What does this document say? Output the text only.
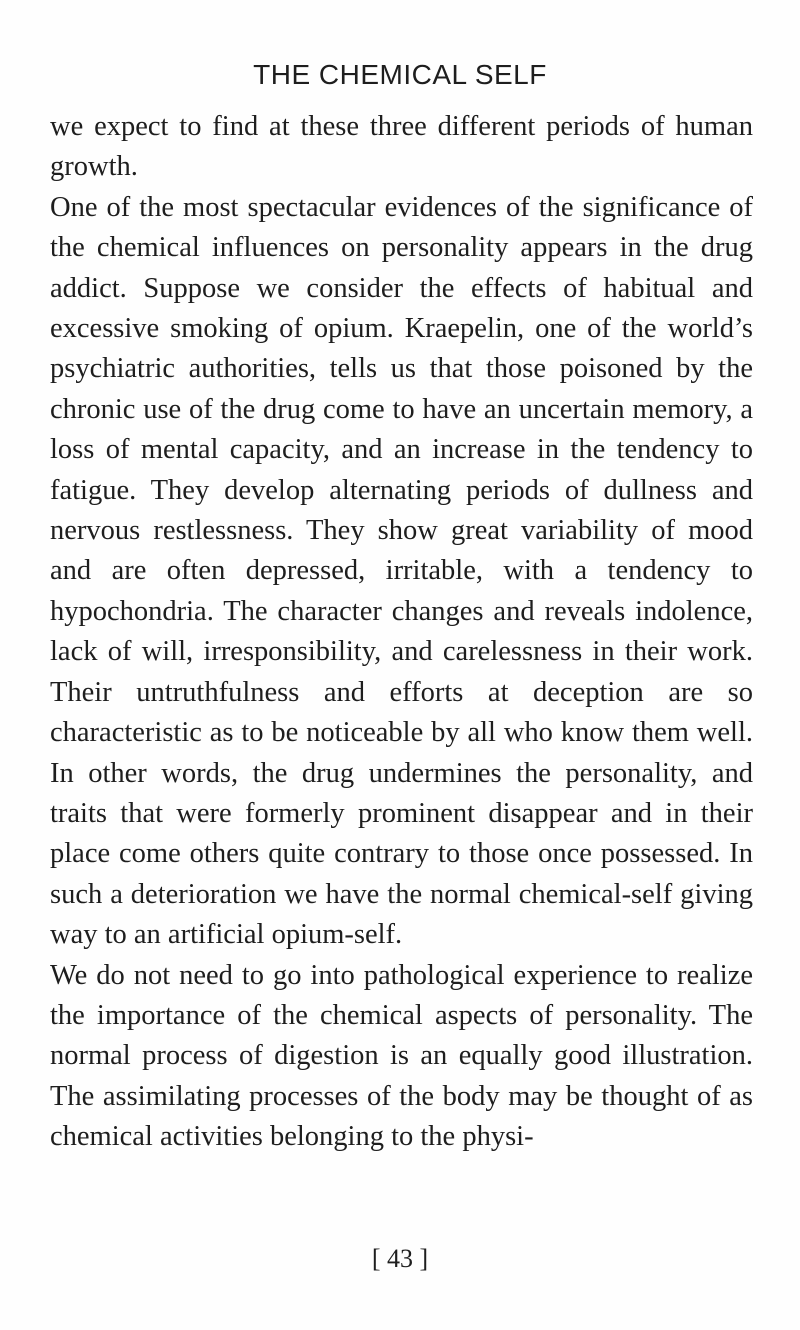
THE CHEMICAL SELF

we expect to find at these three different periods of human growth.

One of the most spectacular evidences of the significance of the chemical influences on personality appears in the drug addict. Suppose we consider the effects of habitual and excessive smoking of opium. Kraepelin, one of the world’s psychiatric authorities, tells us that those poisoned by the chronic use of the drug come to have an uncertain memory, a loss of mental capacity, and an increase in the tendency to fatigue. They develop alternating periods of dullness and nervous restlessness. They show great variability of mood and are often depressed, irritable, with a tendency to hypochondria. The character changes and reveals indolence, lack of will, irresponsibility, and carelessness in their work. Their untruthfulness and efforts at deception are so characteristic as to be noticeable by all who know them well. In other words, the drug undermines the personality, and traits that were formerly prominent disappear and in their place come others quite contrary to those once possessed. In such a deterioration we have the normal chemical-self giving way to an artificial opium-self.

We do not need to go into pathological experience to realize the importance of the chemical aspects of personality. The normal process of digestion is an equally good illustration. The assimilating processes of the body may be thought of as chemical activities belonging to the physi-

[ 43 ]
